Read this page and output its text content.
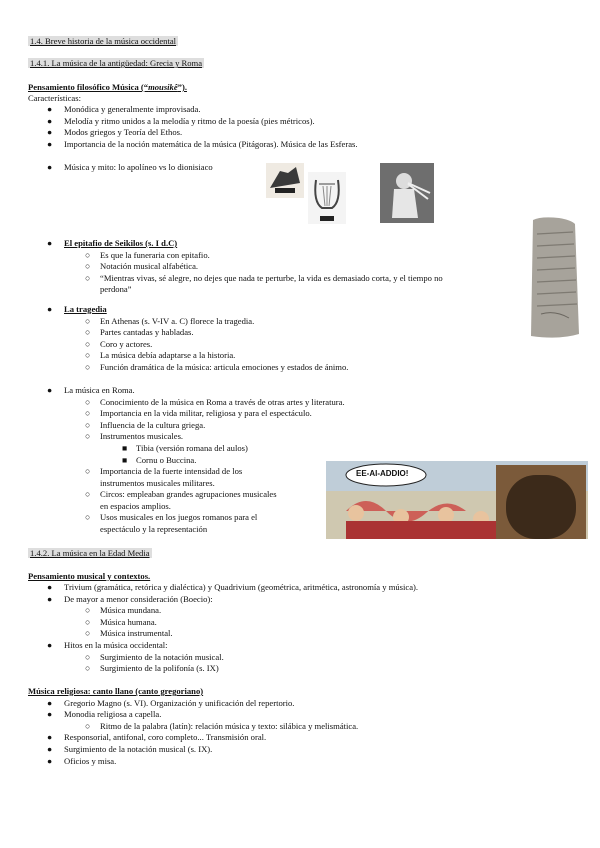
1.4. Breve historia de la música occidental
1.4.1. La música de la antigüedad: Grecia y Roma
Pensamiento filosófico Música (“mousikê”).
Características:
● Monódica y generalmente improvisada.
● Melodía y ritmo unidos a la melodía y ritmo de la poesía (pies métricos).
● Modos griegos y Teoría del Ethos.
● Importancia de la noción matemática de la música (Pitágoras). Música de las Esferas.
● Música y mito: lo apolíneo vs lo dionisiaco
● El epitafio de Seikilos (s. I d.C)
○ Es que la funeraria con epitafio.
○ Notación musical alfabética.
○ “Mientras vivas, sé alegre, no dejes que nada te perturbe, la vida es demasiado corta, y el tiempo no
perdona”
● La tragedia
○ En Athenas (s. V-IV a. C) florece la tragedia.
○ Partes cantadas y habladas.
○ Coro y actores.
○ La música debía adaptarse a la historia.
○ Función dramática de la música: articula emociones y estados de ánimo.
● La música en Roma.
○ Conocimiento de la música en Roma a través de otras artes y literatura.
○ Importancia en la vida militar, religiosa y para el espectáculo.
○ Influencia de la cultura griega.
○ Instrumentos musicales.
■ Tibia (versión romana del aulos)
■ Cornu o Buccina.
○ Importancia de la fuerte intensidad de los
instrumentos musicales militares.
○ Circos: empleaban grandes agrupaciones musicales
en espacios amplios.
○ Usos musicales en los juegos romanos para el
espectáculo y la representación
EE-AI-ADDIO!
1.4.2. La música en la Edad Media
Pensamiento musical y contextos.
● Trivium (gramática, retórica y dialéctica) y Quadrivium (geométrica, aritmética, astronomía y música).
● De mayor a menor consideración (Boecio):
○ Música mundana.
○ Música humana.
○ Música instrumental.
● Hitos en la música occidental:
○ Surgimiento de la notación musical.
○ Surgimiento de la polifonía (s. IX)
Música religiosa: canto llano (canto gregoriano)
● Gregorio Magno (s. VI). Organización y unificación del repertorio.
● Monodia religiosa a capella.
○ Ritmo de la palabra (latín): relación música y texto: silábica y melismática.
● Responsorial, antifonal, coro completo... Transmisión oral.
● Surgimiento de la notación musical (s. IX).
● Oficios y misa.
